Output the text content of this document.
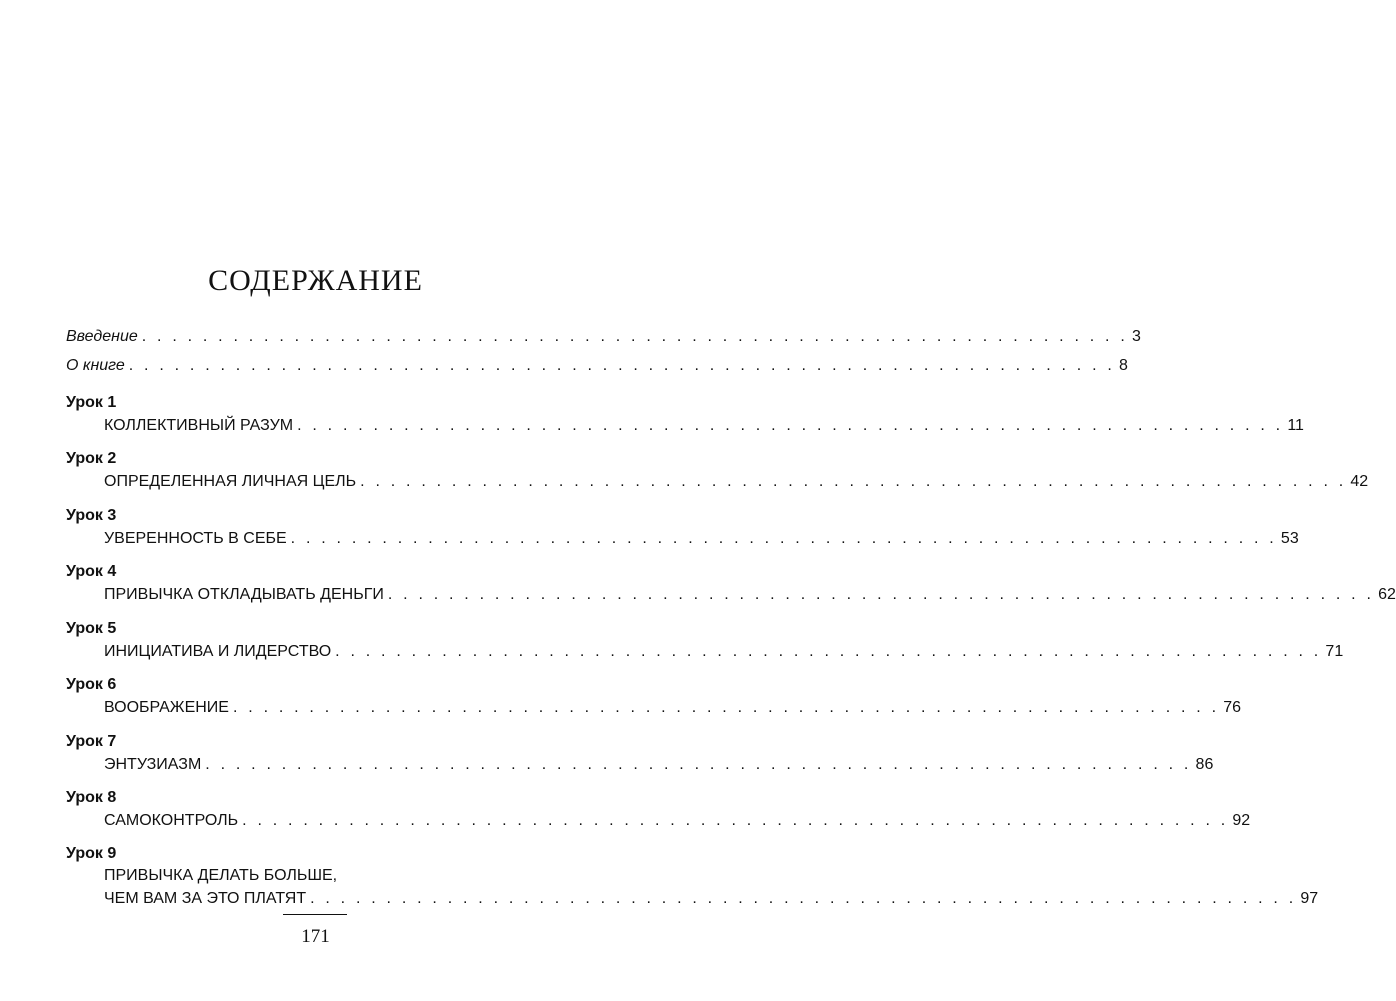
СОДЕРЖАНИЕ
Введение . . . . . . . . . . . . . . . . . . . . . . . . . . . . . . . . . . . . . . . . . . . . . . . . . . . . . . . . . . . . . . . . . 3
О книге . . . . . . . . . . . . . . . . . . . . . . . . . . . . . . . . . . . . . . . . . . . . . . . . . . . . . . . . . . . . . . . . . 8
Урок 1
КОЛЛЕКТИВНЫЙ РАЗУМ . . . . . . . . . . . . . . . . . . . . . . . . . . . . . . . . . . . . . . . . . . . . . . . . . . . . . . . . . . . . . . . . . 11
Урок 2
ОПРЕДЕЛЕННАЯ ЛИЧНАЯ ЦЕЛЬ . . . . . . . . . . . . . . . . . . . . . . . . . . . . . . . . . . . . . . . . . . . . . . . . . . . . . . . . . . . . . . . . . 42
Урок 3
УВЕРЕННОСТЬ В СЕБЕ . . . . . . . . . . . . . . . . . . . . . . . . . . . . . . . . . . . . . . . . . . . . . . . . . . . . . . . . . . . . . . . . . 53
Урок 4
ПРИВЫЧКА ОТКЛАДЫВАТЬ ДЕНЬГИ . . . . . . . . . . . . . . . . . . . . . . . . . . . . . . . . . . . . . . . . . . . . . . . . . . . . . . . . . . . . . . . . . 62
Урок 5
ИНИЦИАТИВА И ЛИДЕРСТВО . . . . . . . . . . . . . . . . . . . . . . . . . . . . . . . . . . . . . . . . . . . . . . . . . . . . . . . . . . . . . . . . . 71
Урок 6
ВООБРАЖЕНИЕ . . . . . . . . . . . . . . . . . . . . . . . . . . . . . . . . . . . . . . . . . . . . . . . . . . . . . . . . . . . . . . . . . 76
Урок 7
ЭНТУЗИАЗМ . . . . . . . . . . . . . . . . . . . . . . . . . . . . . . . . . . . . . . . . . . . . . . . . . . . . . . . . . . . . . . . . . 86
Урок 8
САМОКОНТРОЛЬ . . . . . . . . . . . . . . . . . . . . . . . . . . . . . . . . . . . . . . . . . . . . . . . . . . . . . . . . . . . . . . . . . 92
Урок 9
ПРИВЫЧКА ДЕЛАТЬ БОЛЬШЕ,
ЧЕМ ВАМ ЗА ЭТО ПЛАТЯТ . . . . . . . . . . . . . . . . . . . . . . . . . . . . . . . . . . . . . . . . . . . . . . . . . . . . . . . . . . . . . . . . . 97
171
